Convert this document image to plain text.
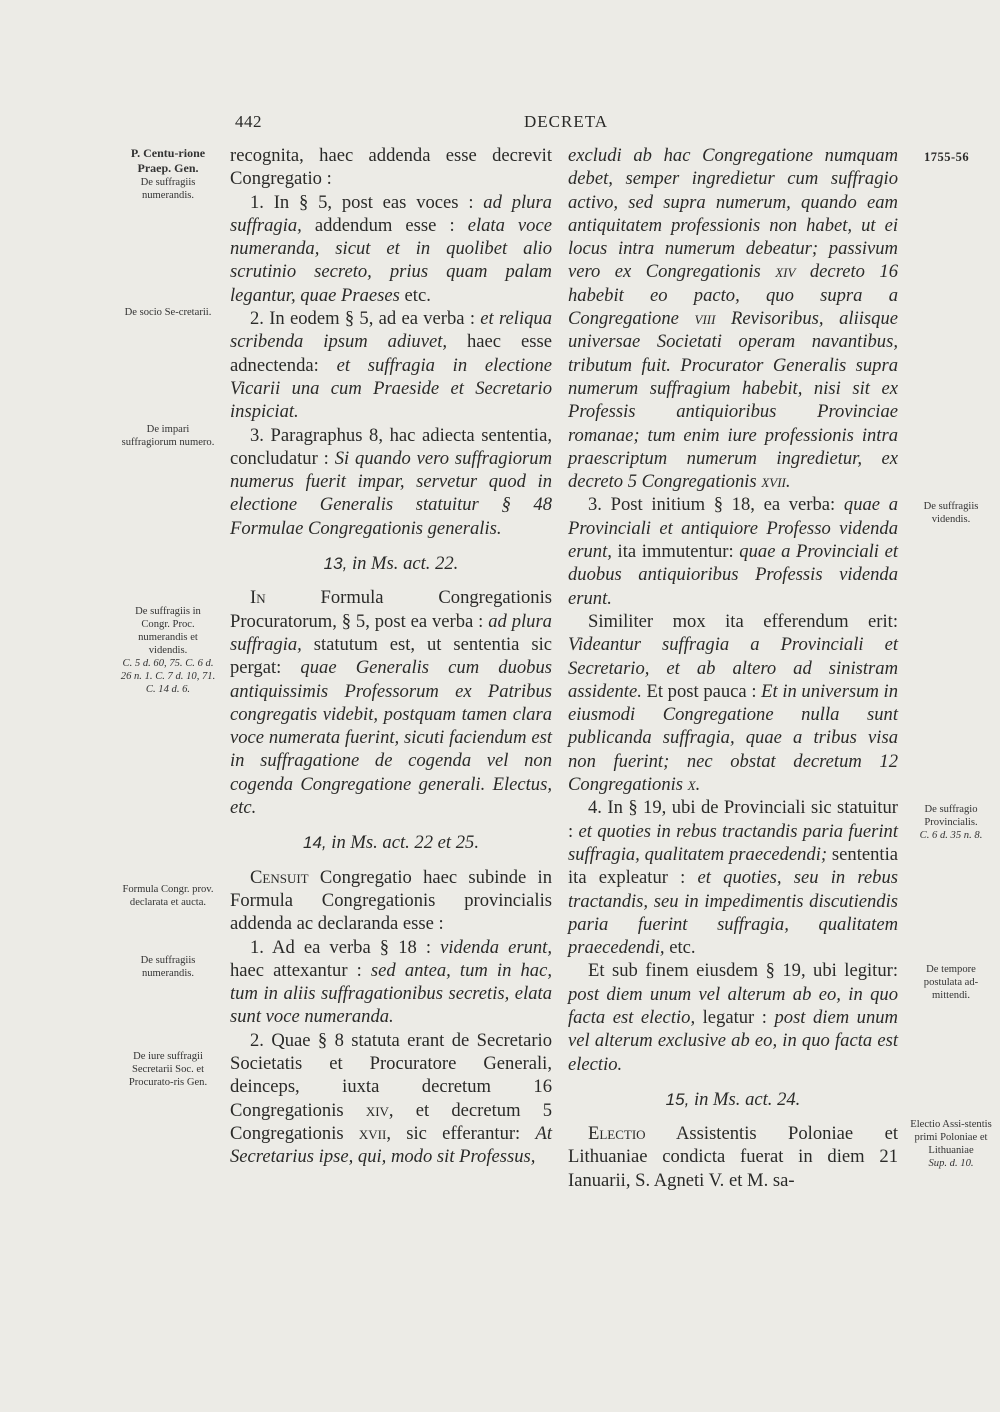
442	DECRETA
1755-56
P. Centu-rione Praep. Gen.
De suffragiis numerandis.
De socio Se-cretarii.
De impari suffragiorum numero.
De suffragiis in Congr. Proc. numerandis et videndis.
C. 5 d. 60, 75. C. 6 d. 26 n. 1. C. 7 d. 10, 71. C. 14 d. 6.
Formula Congr. prov. declarata et aucta.
De suffragiis numerandis.
De iure suffragii Secretarii Soc. et Procurato-ris Gen.
De suffragiis videndis.
De suffragio Provincialis.
C. 6 d. 35 n. 8.
De tempore postulata ad-mittendi.
Electio Assi-stentis primi Poloniae et Lithuaniae
Sup. d. 10.

recognita, haec addenda esse decrevit Congregatio :

1. In § 5, post eas voces : ad plura suffragia, addendum esse : elata voce numeranda, sicut et in quolibet alio scrutinio secreto, prius quam palam legantur, quae Praeses etc.

2. In eodem § 5, ad ea verba : et reliqua scribenda ipsum adiuvet, haec esse adnectenda: et suffragia in electione Vicarii una cum Praeside et Secretario inspiciat.

3. Paragraphus 8, hac adiecta sententia, concludatur : Si quando vero suffragiorum numerus fuerit impar, servetur quod in electione Generalis statuitur § 48 Formulae Congregationis generalis.

13, in Ms. act. 22.

In Formula Congregationis Procuratorum, § 5, post ea verba : ad plura suffragia, statutum est, ut sententia sic pergat: quae Generalis cum duobus antiquissimis Professorum ex Patribus congregatis videbit, postquam tamen clara voce numerata fuerint, sicuti faciendum est in suffragatione de cogenda vel non cogenda Congregatione generali. Electus, etc.

14, in Ms. act. 22 et 25.

Censuit Congregatio haec subinde in Formula Congregationis provincialis addenda ac declaranda esse :

1. Ad ea verba § 18 : videnda erunt, haec attexantur : sed antea, tum in hac, tum in aliis suffragationibus secretis, elata sunt voce numeranda.

2. Quae § 8 statuta erant de Secretario Societatis et Procuratore Generali, deinceps, iuxta decretum 16 Congregationis xiv, et decretum 5 Congregationis xvii, sic efferantur: At Secretarius ipse, qui, modo sit Professus,

excludi ab hac Congregatione numquam debet, semper ingredietur cum suffragio activo, sed supra numerum, quando eam antiquitatem professionis non habet, ut ei locus intra numerum debeatur; passivum vero ex Congregationis xiv decreto 16 habebit eo pacto, quo supra a Congregatione viii Revisoribus, aliisque universae Societati operam navantibus, tributum fuit. Procurator Generalis supra numerum suffragium habebit, nisi sit ex Professis antiquioribus Provinciae romanae; tum enim iure professionis intra praescriptum numerum ingredietur, ex decreto 5 Congregationis xvii.

3. Post initium § 18, ea verba: quae a Provinciali et antiquiore Professo videnda erunt, ita immutentur: quae a Provinciali et duobus antiquioribus Professis videnda erunt.

Similiter mox ita efferendum erit: Videantur suffragia a Provinciali et Secretario, et ab altero ad sinistram assidente. Et post pauca : Et in universum in eiusmodi Congregatione nulla sunt publicanda suffragia, quae a tribus visa non fuerint; nec obstat decretum 12 Congregationis x.

4. In § 19, ubi de Provinciali sic statuitur : et quoties in rebus tractandis paria fuerint suffragia, qualitatem praecedendi; sententia ita expleatur : et quoties, seu in rebus tractandis, seu in impedimentis discutiendis paria fuerint suffragia, qualitatem praecedendi, etc.

Et sub finem eiusdem § 19, ubi legitur: post diem unum vel alterum ab eo, in quo facta est electio, legatur : post diem unum vel alterum exclusive ab eo, in quo facta est electio.

15, in Ms. act. 24.

Electio Assistentis Poloniae et Lithuaniae condicta fuerat in diem 21 Ianuarii, S. Agneti V. et M. sa-
